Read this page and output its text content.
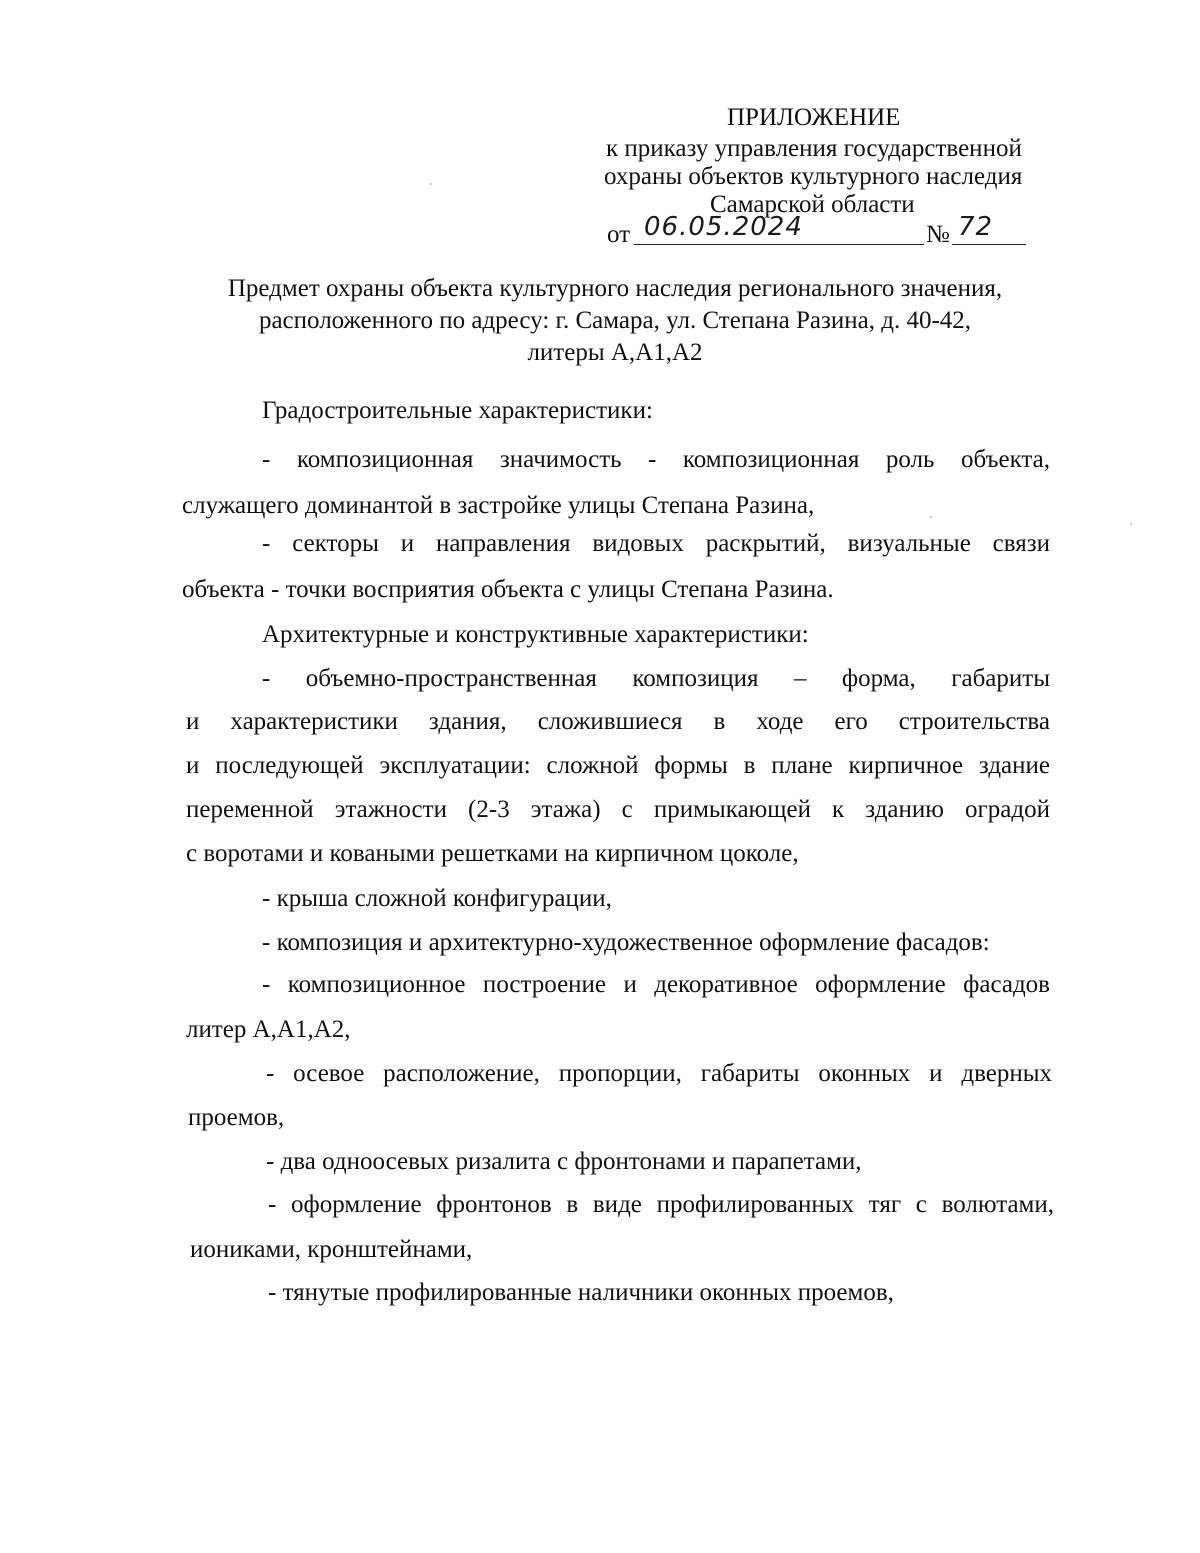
ПРИЛОЖЕНИЕ
к приказу управления государственной
охраны объектов культурного наследия
Самарской области
от 06.05.2024	№ 72
Предмет охраны объекта культурного наследия регионального значения,
расположенного по адресу: г. Самара, ул. Степана Разина, д. 40-42,
литеры А,А1,А2
Градостроительные характеристики:
- композиционная значимость - композиционная роль объекта,
служащего доминантой в застройке улицы Степана Разина,
- секторы и направления видовых раскрытий, визуальные связи
объекта - точки восприятия объекта с улицы Степана Разина.
Архитектурные и конструктивные характеристики:
- объемно-пространственная композиция – форма, габариты
и характеристики здания, сложившиеся в ходе его строительства
и последующей эксплуатации: сложной формы в плане кирпичное здание
переменной этажности (2-3 этажа) с примыкающей к зданию оградой
с воротами и коваными решетками на кирпичном цоколе,
- крыша сложной конфигурации,
- композиция и архитектурно-художественное оформление фасадов:
- композиционное построение и декоративное оформление фасадов
литер А,А1,А2,
- осевое расположение, пропорции, габариты оконных и дверных
проемов,
- два одноосевых ризалита с фронтонами и парапетами,
- оформление фронтонов в виде профилированных тяг с волютами,
иониками, кронштейнами,
- тянутые профилированные наличники оконных проемов,
